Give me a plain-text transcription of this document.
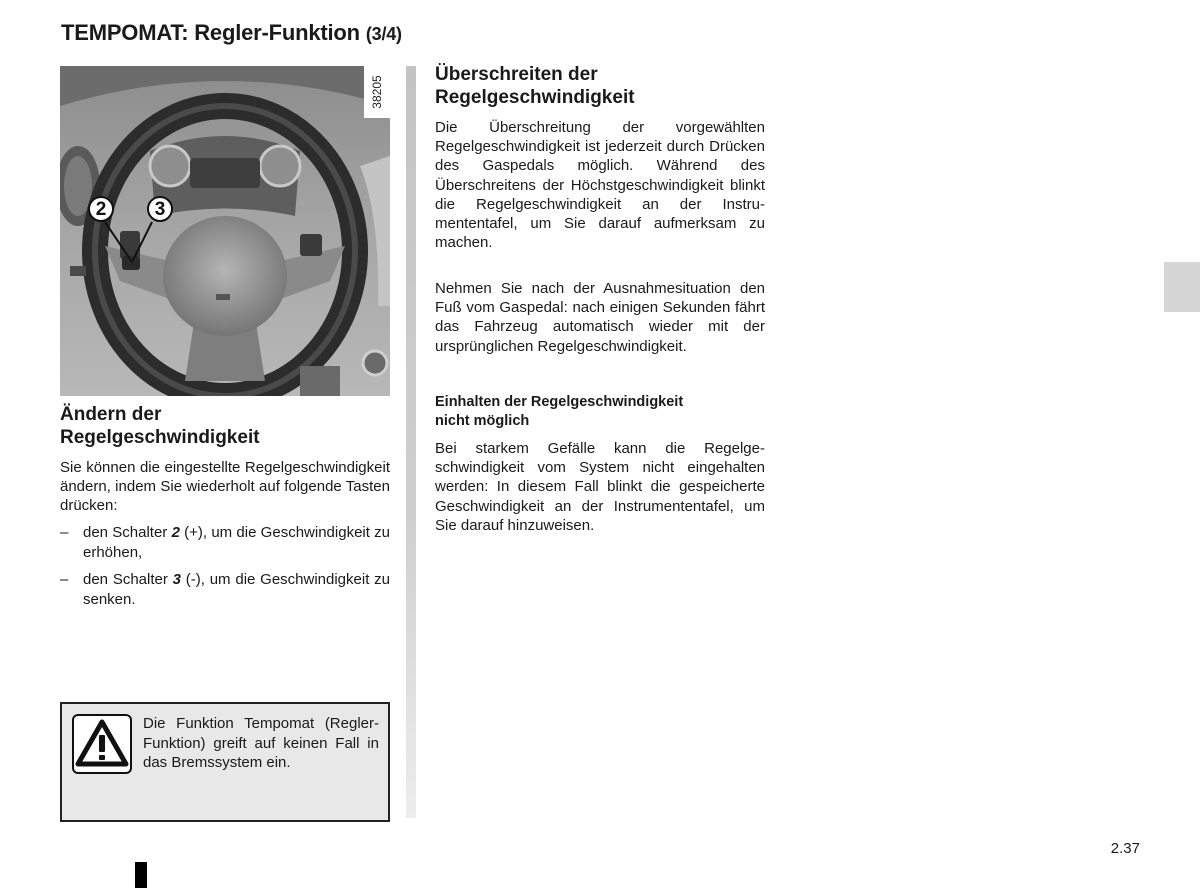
TEMPOMAT: Regler-Funktion (3/4)
38205
2	3
Ändern der
Regelgeschwindigkeit

Sie können die eingestellte Regelgeschwindigkeit ändern, indem Sie wiederholt auf folgende Tasten drücken:

– den Schalter 2 (+), um die Geschwindigkeit zu erhöhen,
– den Schalter 3 (-), um die Geschwindigkeit zu senken.
Die Funktion Tempomat (Regler-Funktion) greift auf keinen Fall in das Bremssystem ein.
Überschreiten der
Regelgeschwindigkeit

Die Überschreitung der vorgewählten Regelgeschwindigkeit ist jederzeit durch Drücken des Gaspedals möglich. Während des Überschreitens der Höchstgeschwindigkeit blinkt die Regelgeschwindigkeit an der Instrumententafel, um Sie darauf aufmerksam zu machen.

Nehmen Sie nach der Ausnahmesituation den Fuß vom Gaspedal: nach einigen Sekunden fährt das Fahrzeug automatisch wieder mit der ursprünglichen Regelgeschwindigkeit.

Einhalten der Regelgeschwindigkeit
nicht möglich

Bei starkem Gefälle kann die Regelgeschwindigkeit vom System nicht eingehalten werden: In diesem Fall blinkt die gespeicherte Geschwindigkeit an der Instrumententafel, um Sie darauf hinzuweisen.

2.37
